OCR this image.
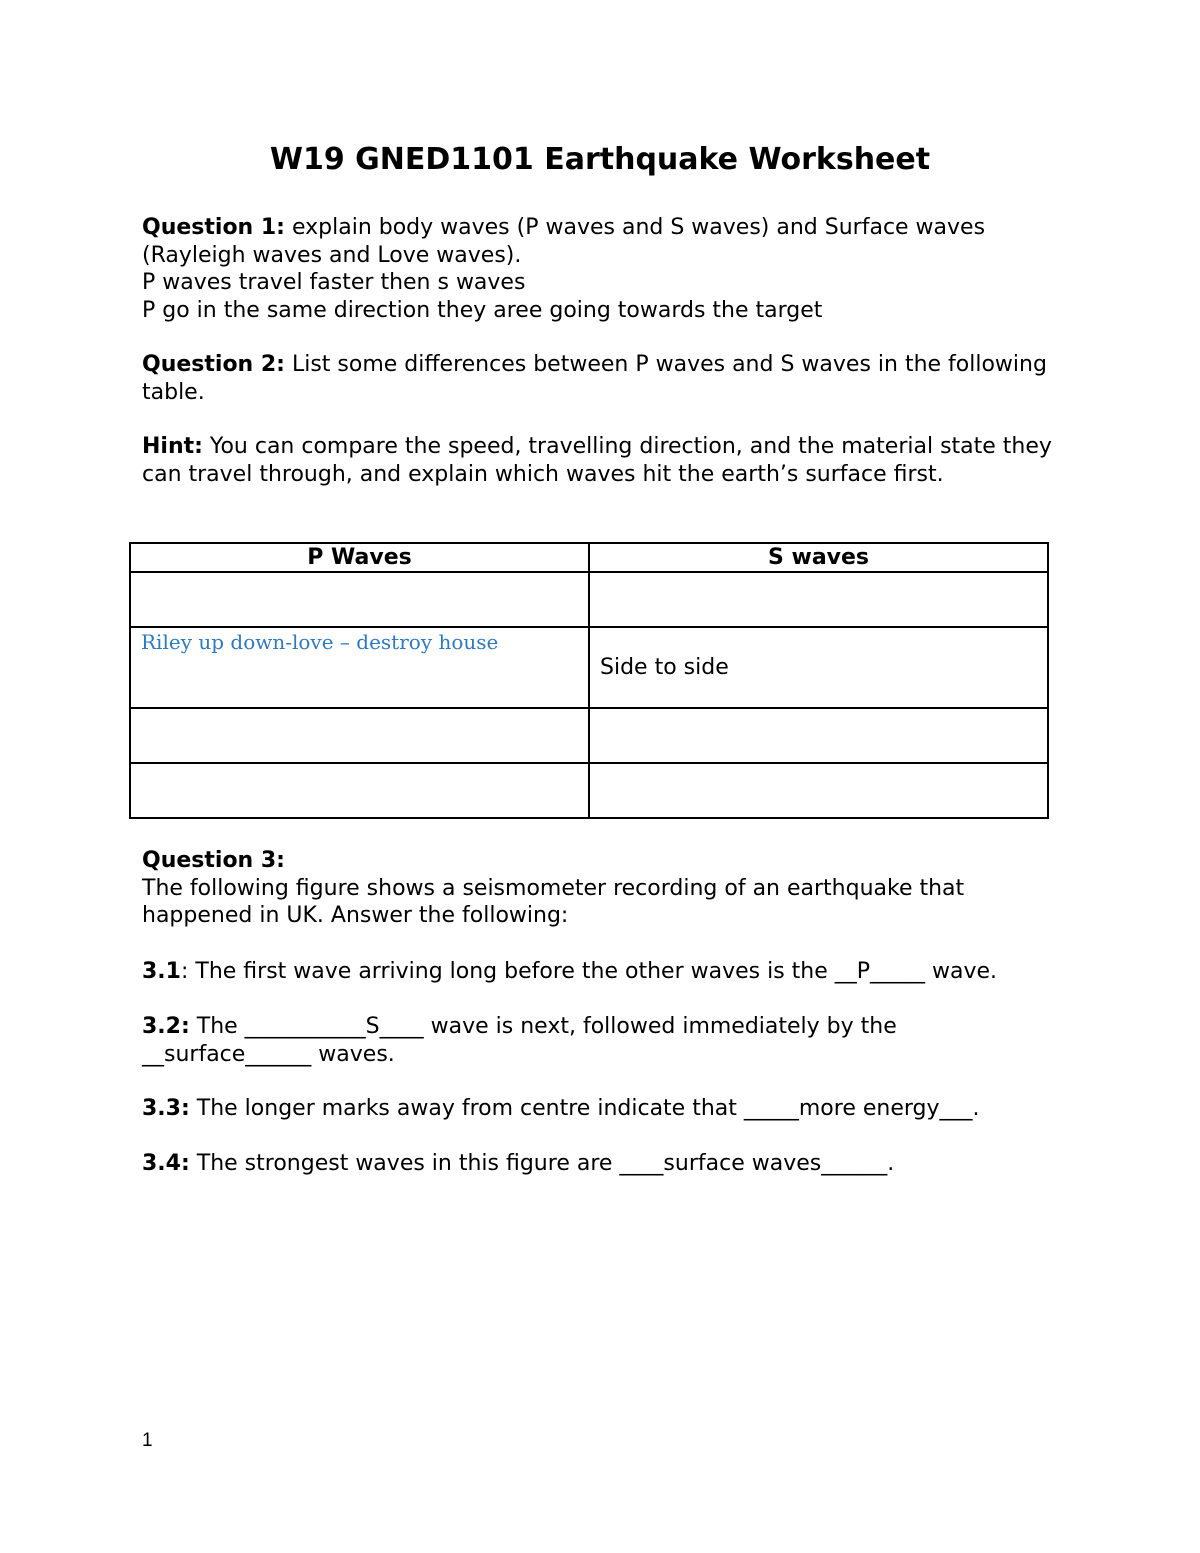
W19 GNED1101 Earthquake Worksheet

Question 1: explain body waves (P waves and S waves) and Surface waves (Rayleigh waves and Love waves).

P waves travel faster then s waves

P go in the same direction they aree going towards the target

Question 2: List some differences between P waves and S waves in the following table.

Hint: You can compare the speed, travelling direction, and the material state they can travel through, and explain which waves hit the earth’s surface first.

P Waves	S waves

Riley up down-love – destroy house	Side to side

Question 3:

The following figure shows a seismometer recording of an earthquake that happened in UK. Answer the following:

3.1: The first wave arriving long before the other waves is the __P_____ wave.

3.2: The ___________S____ wave is next, followed immediately by the __surface______ waves.

3.3: The longer marks away from centre indicate that _____more energy___.

3.4: The strongest waves in this figure are ____surface waves______.

1
